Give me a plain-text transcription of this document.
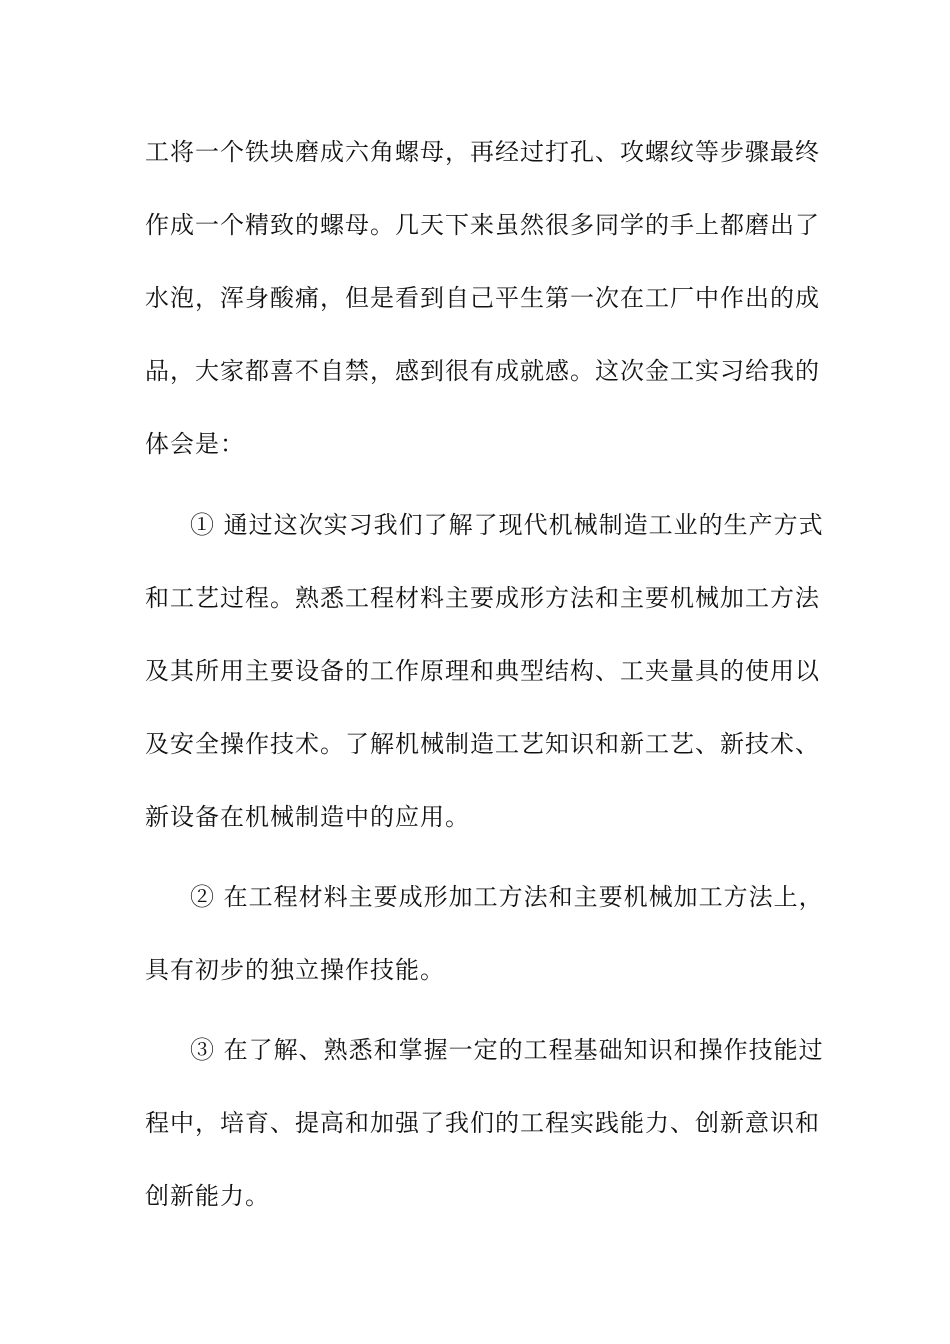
工将一个铁块磨成六角螺母，再经过打孔、攻螺纹等步骤最终
作成一个精致的螺母。几天下来虽然很多同学的手上都磨出了
水泡，浑身酸痛，但是看到自己平生第一次在工厂中作出的成
品，大家都喜不自禁，感到很有成就感。这次金工实习给我的
体会是：
① 通过这次实习我们了解了现代机械制造工业的生产方式
和工艺过程。熟悉工程材料主要成形方法和主要机械加工方法
及其所用主要设备的工作原理和典型结构、工夹量具的使用以
及安全操作技术。了解机械制造工艺知识和新工艺、新技术、
新设备在机械制造中的应用。
② 在工程材料主要成形加工方法和主要机械加工方法上，
具有初步的独立操作技能。
③ 在了解、熟悉和掌握一定的工程基础知识和操作技能过
程中，培育、提高和加强了我们的工程实践能力、创新意识和
创新能力。
